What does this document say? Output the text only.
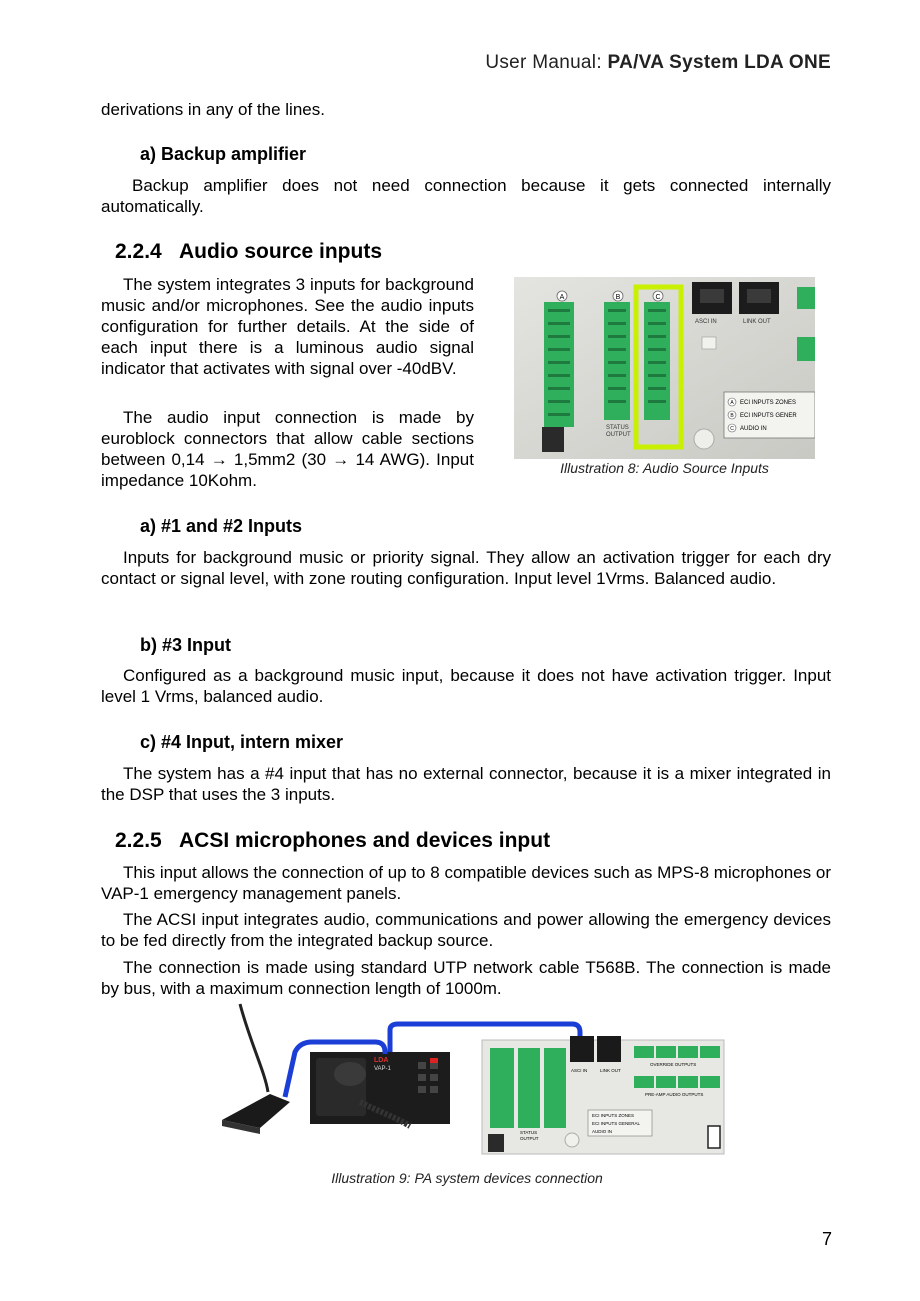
User Manual: PA/VA System LDA ONE

derivations in any of the lines.

a) Backup amplifier

Backup amplifier does not need connection because it gets connected internally automatically.

2.2.4 Audio source inputs

The system integrates 3 inputs for background music and/or microphones. See the audio inputs configuration for further details. At the side of each input there is a luminous audio signal indicator that activates with signal over -40dBV.

The audio input connection is made by euroblock connectors that allow cable sections between 0,14 → 1,5mm2 (30 → 14 AWG). Input impedance 10Kohm.

A	B	C
ASCI IN	LINK OUT
A ECI INPUTS ZONES
B ECI INPUTS GENER
C AUDIO IN
STATUS
OUTPUT
Illustration 8: Audio Source Inputs

a) #1 and #2 Inputs

Inputs for background music or priority signal. They allow an activation trigger for each dry contact or signal level, with zone routing configuration. Input level 1Vrms. Balanced audio.

b) #3 Input

Configured as a background music input, because it does not have activation trigger. Input level 1 Vrms, balanced audio.

c) #4 Input, intern mixer

The system has a #4 input that has no external connector, because it is a mixer integrated in the DSP that uses the 3 inputs.

2.2.5 ACSI microphones and devices input

This input allows the connection of up to 8 compatible devices such as MPS-8 microphones or VAP-1 emergency management panels.

The ACSI input integrates audio, communications and power allowing the emergency devices to be fed directly from the integrated backup source.

The connection is made using standard UTP network cable T568B. The connection is made by bus, with a maximum connection length of 1000m.

LDA
VAP-1	ASCI IN	LINK OUT
OVERRIDE OUTPUTS
PRE-AMP AUDIO OUTPUTS
ECI INPUTS ZONES
ECI INPUTS GENERAL
AUDIO IN
STATUS
OUTPUT
Illustration 9: PA system devices connection
7
